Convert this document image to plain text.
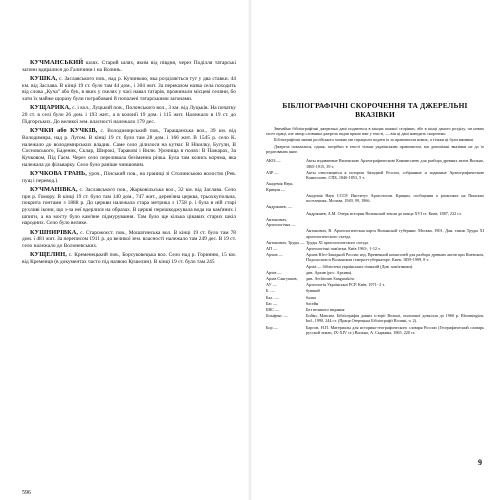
КУЧМАНСЬКИЙ шлях. Старий шлях, яким від півдня, через Поділля татарські загони вдиралися до Галичини і на Волинь.

КУШКА, с. Заславського пов., над р. Кучинкою, яка розділяється тут у два ставки. 44 км. від Заслава. В кінці 19 ст. було там 44 дом., і 304 жит. За переказом назва села походить від слова „Куча" або бук, в яких у скелях у часі навал татарів, прожинали місцеві селяни, бо хати їх майже щоразу були пограбовані й попалені татарськими загонами.

КУЩАРИКА, с. і кол., Луцький пов., Полонського вол., 3 км. від Луцьків. На початку 20 ст. в селі було 26 дом. і 193 жит., а в колонії 19 дом. і 115 жит. Належало в 19 ст. до Підгорських. До великої зем. власності належало 179 дес.

КУЧКИ або КУЧКІВ, с. Володимирський пов., Таращанська вол., 39 км. від Володимира, над р. Лугом. В кінці 19 ст. було там 28 дом. і 166 жит. В 1545 р. село К. належало до володимирських владик. Саме село ділилося на кутки: В Нікилку, Бугули, В Сосновського, Баденик, Склар, Широкі, Таракові і Вили. Урочища в полях: В Пажарах, За Кучковом, Під Гаєм. Через село переливала безіменна річка. Була там колись корчма, яка належала до фільварку. Село було раніше чиншовим.

КУЧКОВА ГРАНЬ, уроч., Пінський пов., на границі зі Столинською волостю (Рев. пущ і перевод.).

КУЧМАНІВКА, с. Заславського пов., Жарковільська вол., 32 км. від Заслава. Село при р. Гомору. В кінці 19 ст. було там 140 дом., 747 жит., дерев'яна церква, трьохкупольна, покрита гонтами з 1888 р. До церкви належала стара метрика з 1758 р. і була в ній старі рухливі ікони, що з-за неї вдерлися на образах. В церкві перешкоджувала вода на кам'яних і шпиги, а на мосту було кам'яне підмурування. Там було ще кілька цікавих старих шкіл народних. Село було велике.

КУШНИРІВКА, с. Старожоєст. пов., Мошатинська вол. В кінці 19 ст. було там 78 дом. і 481 жит. За переписом 1911 р. до великої зем. власності належало там 249 дес. В 19 ст. село належало до Волоневських.

КУЩЕЛИН, с. Кременецький пов., Борсуковецька вол. Село над р. Горинню, 15 км. від Кременця (в документах часто під назвою Кушелин). В кінці 19 ст. було там 245

596
БІБЛІОГРАФІЧНІ СКОРОЧЕННЯ ТА ДЖЕРЕЛЬНІ ВКАЗІВКИ

Звичайно бібліографічні джерельні дані подаються в кінцях кожної сторінки, або в кінці даного розділу, чи нових ґасел праці, але автор словника джерела подав прямо вже у тексті, — він ці дані наводить скорочено.

Бібліографічні значні російського можно ми спрацюли подати їх за правописом нових, а тільки ці були вживані.

Джерела показалися, однак, потрібно в тексті тільки українським правописом, ми допоміжні вказівки не до їх редагованих книг.

АЮЗ —	Акты издаваемые Виленскою Археографическою Коммиссиею для разбора древних актов Вильно, 1865-1915, 39 т.
АЗР —	Акты относящиеся к истории Западной России, собранные и изданные Археографическою Комиссиею. СПБ, 1846-1853, 5 т.
Академія Наук, Крицин —
Академія Наук СССР, Институт Археологии. Крицин, сообщения о раскопках на Пинских поселениях. Москва, 1949, 99, 1966.
Андріяшев, —
Андріяшев, А.М. Очерк истории Волынской земли до конца XVI ст. Киев, 1887, 232 ст.
Антонович, Археологічна —
Антонович, В. Археологическая карта Волынской губернии. Москва, 1901. Дан. також Труды XI археологического съезда.
Антонович, Труды — Труды XI археологического съезда.
АП —	Археологічні пам'ятки. Київ 1963-, 1-12 т.
Архив —	Архив Юго-Западной России изд. Временной комиссией для разбора древних актов при Киевском, Подольском и Волынском генерал-губернаторе. Киев, 1859-1999, 8 т.
Архів — бібліотека українських гімназій (Див. пам'ятники).
Архів —	див. Архив (рос. Архива).
Архів Сангушків,	див. Archiwum Sanguszków
АУ —	Археологія Української РСР. Київ, 1971- 2 т.
Б. —	бувший
Бал. —	балка
Бас —	басейн
БВС —	Без великого видання
Бієнфенс —	Бойко, Максим. Бібліографія давніх історії Волині, охопленої довкілля до 1960 р. Bloomington, Ind., 1990, 244 ст. (Праця Озерецька Бібліографії Волині, ч. 2).
Бор —	Барсов, Н.П. Материалы для историко-географического словаря России (Географический словарь русской земли, IX-XIV ст.) Вильна, А. Сыркина, 1865, 220 ст.
9
